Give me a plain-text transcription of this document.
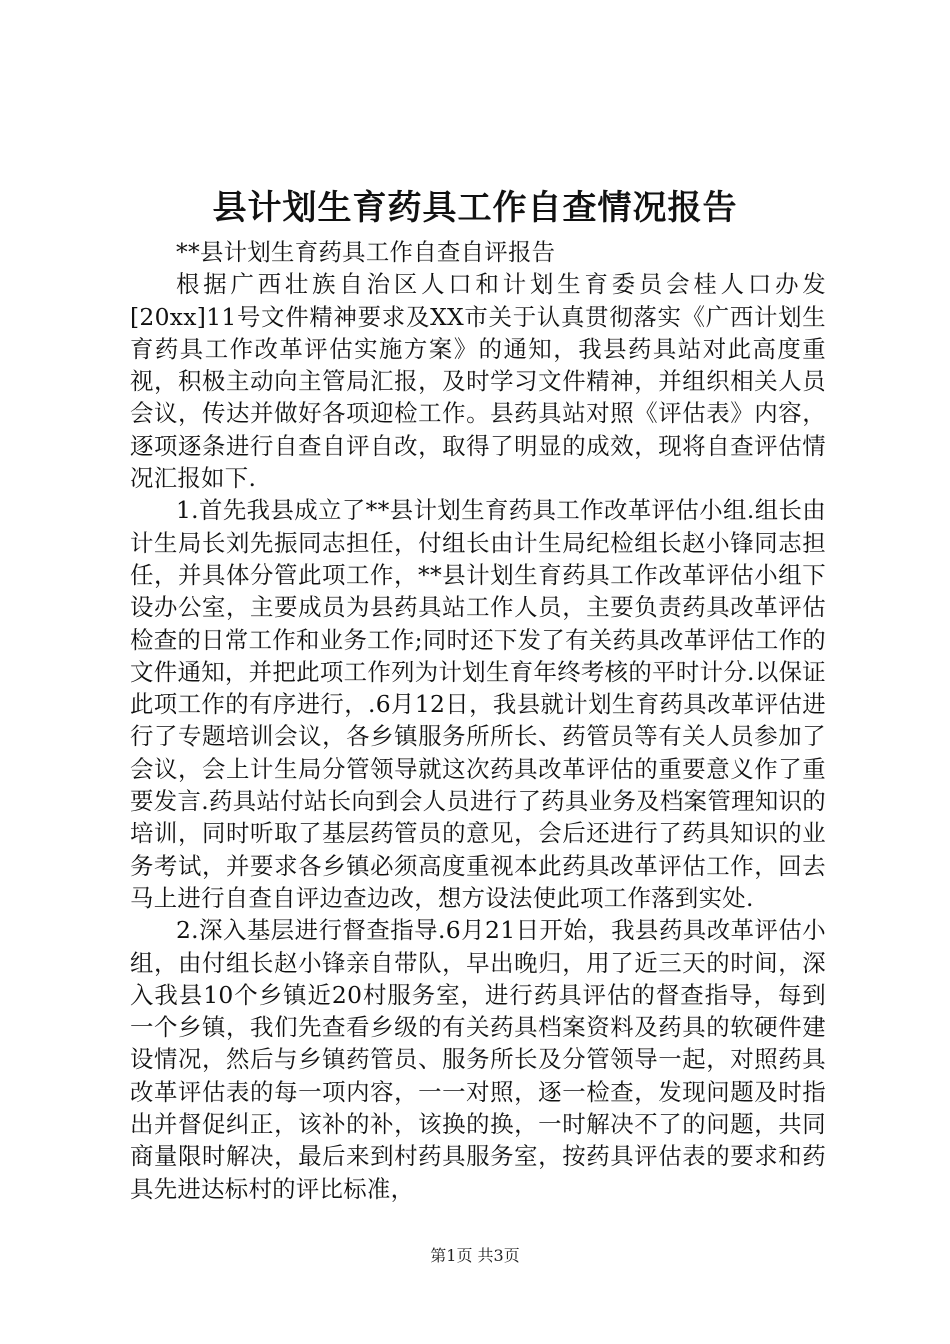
县计划生育药具工作自查情况报告

**县计划生育药具工作自查自评报告

根据广西壮族自治区人口和计划生育委员会桂人口办发[20xx]11号文件精神要求及XX市关于认真贯彻落实《广西计划生育药具工作改革评估实施方案》的通知，我县药具站对此高度重视，积极主动向主管局汇报，及时学习文件精神，并组织相关人员会议，传达并做好各项迎检工作。县药具站对照《评估表》内容，逐项逐条进行自查自评自改，取得了明显的成效，现将自查评估情况汇报如下.

1.首先我县成立了**县计划生育药具工作改革评估小组.组长由计生局长刘先振同志担任，付组长由计生局纪检组长赵小锋同志担任，并具体分管此项工作，**县计划生育药具工作改革评估小组下设办公室，主要成员为县药具站工作人员，主要负责药具改革评估检查的日常工作和业务工作;同时还下发了有关药具改革评估工作的文件通知，并把此项工作列为计划生育年终考核的平时计分.以保证此项工作的有序进行，.6月12日，我县就计划生育药具改革评估进行了专题培训会议，各乡镇服务所所长、药管员等有关人员参加了会议，会上计生局分管领导就这次药具改革评估的重要意义作了重要发言.药具站付站长向到会人员进行了药具业务及档案管理知识的培训，同时听取了基层药管员的意见，会后还进行了药具知识的业务考试，并要求各乡镇必须高度重视本此药具改革评估工作，回去马上进行自查自评边查边改，想方设法使此项工作落到实处.

2.深入基层进行督查指导.6月21日开始，我县药具改革评估小组，由付组长赵小锋亲自带队，早出晚归，用了近三天的时间，深入我县10个乡镇近20村服务室，进行药具评估的督查指导，每到一个乡镇，我们先查看乡级的有关药具档案资料及药具的软硬件建设情况，然后与乡镇药管员、服务所长及分管领导一起，对照药具改革评估表的每一项内容，一一对照，逐一检查，发现问题及时指出并督促纠正，该补的补，该换的换，一时解决不了的问题，共同商量限时解决，最后来到村药具服务室，按药具评估表的要求和药具先进达标村的评比标准，

第1页 共3页
